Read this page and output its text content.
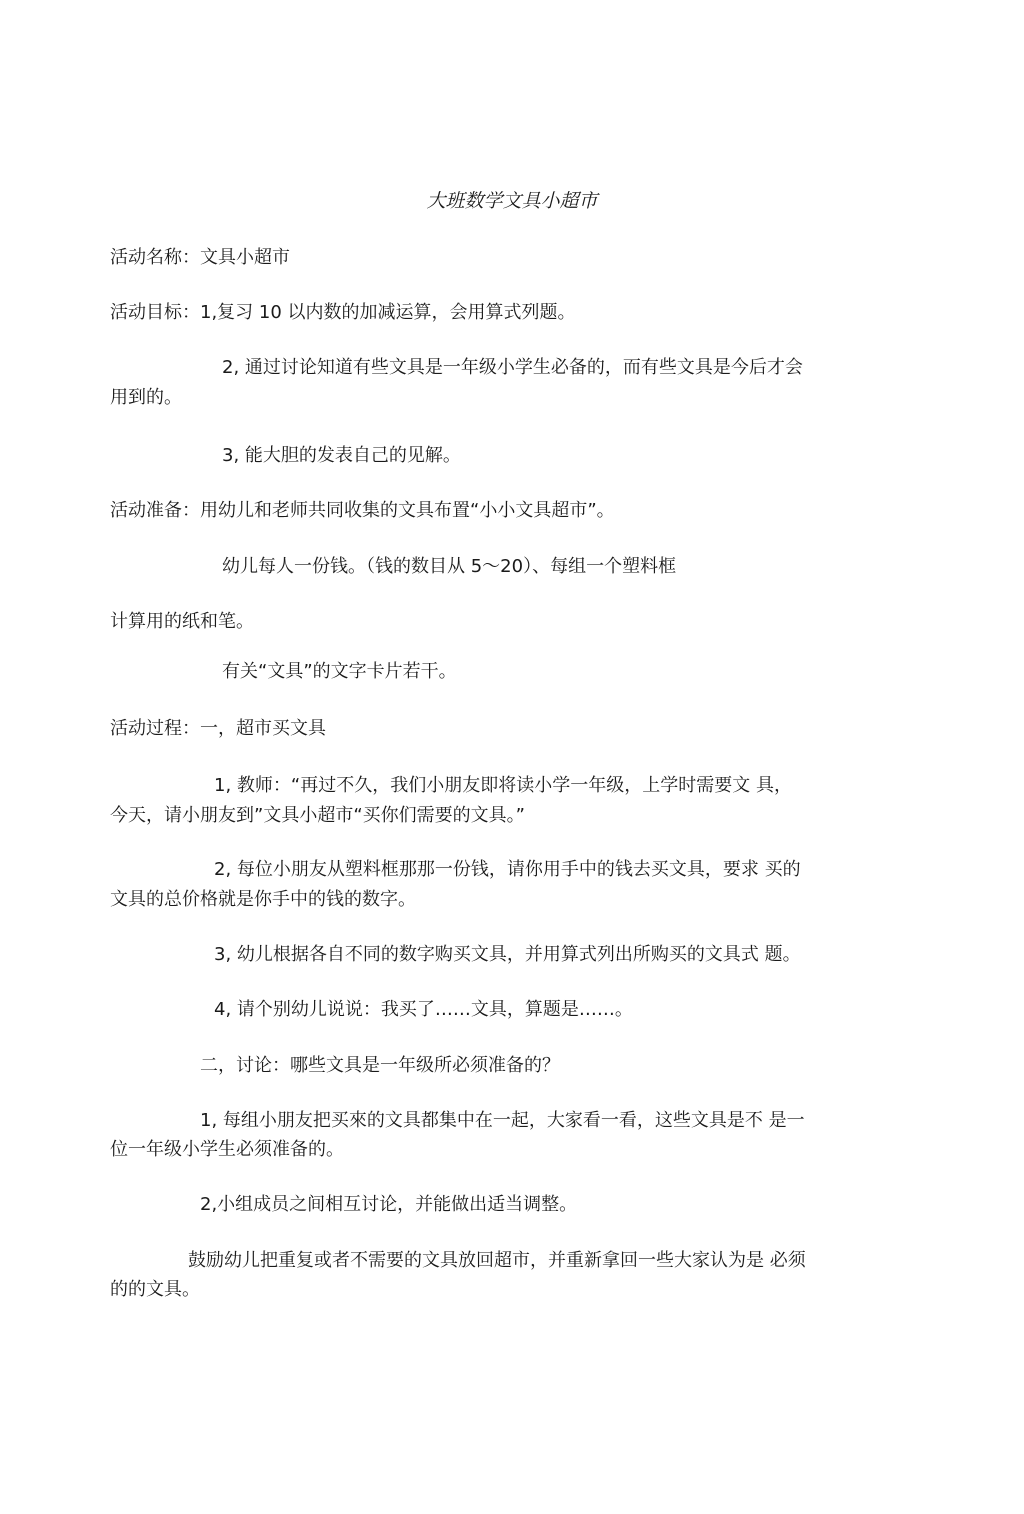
大班数学文具小超市
活动名称：文具小超市
活动目标：1,复习 10 以内数的加减运算，会用算式列题。
2, 通过讨论知道有些文具是一年级小学生必备的，而有些文具是今后才会
用到的。
3, 能大胆的发表自己的见解。
活动准备：用幼儿和老师共同收集的文具布置“小小文具超市”。
幼儿每人一份钱。（钱的数目从 5～20）、每组一个塑料框
计算用的纸和笔。
有关“文具”的文字卡片若干。
活动过程：一，超市买文具
1, 教师：“再过不久，我们小朋友即将读小学一年级，上学时需要文 具，
今天，请小朋友到”文具小超市“买你们需要的文具。”
2, 每位小朋友从塑料框那那一份钱，请你用手中的钱去买文具，要求 买的
文具的总价格就是你手中的钱的数字。
3, 幼儿根据各自不同的数字购买文具，并用算式列出所购买的文具式 题。
4, 请个别幼儿说说：我买了……文具，算题是……。
二，讨论：哪些文具是一年级所必须准备的？
1, 每组小朋友把买來的文具都集中在一起，大家看一看，这些文具是不 是一
位一年级小学生必须准备的。
2,小组成员之间相互讨论，并能做出适当调整。
鼓励幼儿把重复或者不需要的文具放回超市，并重新拿回一些大家认为是 必须
的的文具。
